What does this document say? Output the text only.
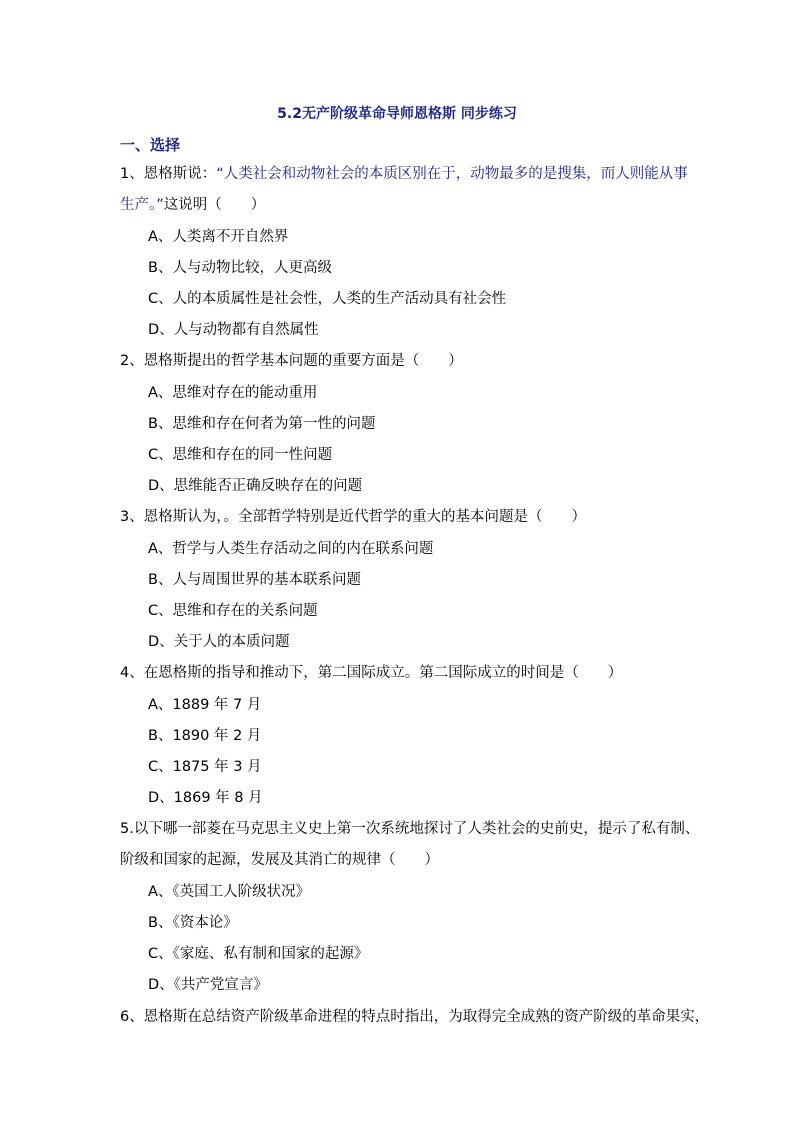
5.2无产阶级革命导师恩格斯 同步练习
一、选择
1、恩格斯说：“人类社会和动物社会的本质区别在于，动物最多的是搜集，而人则能从事
生产。”这说明（　　）
A、人类离不开自然界
B、人与动物比较，人更高级
C、人的本质属性是社会性，人类的生产活动具有社会性
D、人与动物都有自然属性
2、恩格斯提出的哲学基本问题的重要方面是（　　）
A、思维对存在的能动重用
B、思维和存在何者为第一性的问题
C、思维和存在的同一性问题
D、思维能否正确反映存在的问题
3、恩格斯认为，。全部哲学特别是近代哲学的重大的基本问题是（　　）
A、哲学与人类生存活动之间的内在联系问题
B、人与周围世界的基本联系问题
C、思维和存在的关系问题
D、关于人的本质问题
4、在恩格斯的指导和推动下，第二国际成立。第二国际成立的时间是（　　）
A、1889 年 7 月
B、1890 年 2 月
C、1875 年 3 月
D、1869 年 8 月
5.以下哪一部菱在马克思主义史上第一次系统地探讨了人类社会的史前史，提示了私有制、
阶级和国家的起源，发展及其消亡的规律（　　）
A、《英国工人阶级状况》
B、《资本论》
C、《家庭、私有制和国家的起源》
D、《共产党宣言》
6、恩格斯在总结资产阶级革命进程的特点时指出，为取得完全成熟的资产阶级的革命果实，
